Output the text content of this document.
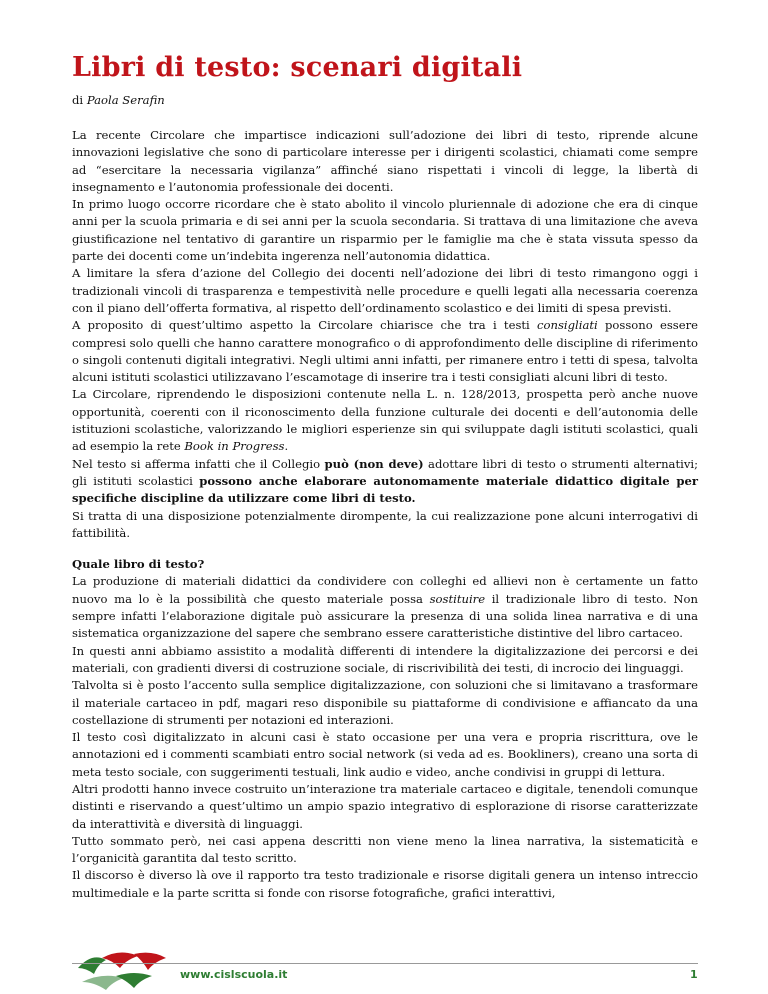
Libri di testo: scenari digitali
di Paola Serafin

La recente Circolare che impartisce indicazioni sull’adozione dei libri di testo, riprende alcune innovazioni legislative che sono di particolare interesse per i dirigenti scolastici, chiamati come sempre ad “esercitare la necessaria vigilanza” affinché siano rispettati i vincoli di legge, la libertà di insegnamento e l’autonomia professionale dei docenti.

In primo luogo occorre ricordare che è stato abolito il vincolo pluriennale di adozione che era di cinque anni per la scuola primaria e di sei anni per la scuola secondaria. Si trattava di una limitazione che aveva giustificazione nel tentativo di garantire un risparmio per le famiglie ma che è stata vissuta spesso da parte dei docenti come un’indebita ingerenza nell’autonomia didattica.

A limitare la sfera d’azione del Collegio dei docenti nell’adozione dei libri di testo rimangono oggi i tradizionali vincoli di trasparenza e tempestività nelle procedure e quelli legati alla necessaria coerenza con il piano dell’offerta formativa, al rispetto dell’ordinamento scolastico e dei limiti di spesa previsti.

A proposito di quest’ultimo aspetto la Circolare chiarisce che tra i testi consigliati possono essere compresi solo quelli che hanno carattere monografico o di approfondimento delle discipline di riferimento o singoli contenuti digitali integrativi. Negli ultimi anni infatti, per rimanere entro i tetti di spesa, talvolta alcuni istituti scolastici utilizzavano l’escamotage di inserire tra i testi consigliati alcuni libri di testo.

La Circolare, riprendendo le disposizioni contenute nella L. n. 128/2013, prospetta però anche nuove opportunità, coerenti con il riconoscimento della funzione culturale dei docenti e dell’autonomia delle istituzioni scolastiche, valorizzando le migliori esperienze sin qui sviluppate dagli istituti scolastici, quali ad esempio la rete Book in Progress.

Nel testo si afferma infatti che il Collegio può (non deve) adottare libri di testo o strumenti alternativi; gli istituti scolastici possono anche elaborare autonomamente materiale didattico digitale per specifiche discipline da utilizzare come libri di testo.

Si tratta di una disposizione potenzialmente dirompente, la cui realizzazione pone alcuni interrogativi di fattibilità.

Quale libro di testo?

La produzione di materiali didattici da condividere con colleghi ed allievi non è certamente un fatto nuovo ma lo è la possibilità che questo materiale possa sostituire il tradizionale libro di testo. Non sempre infatti l’elaborazione digitale può assicurare la presenza di una solida linea narrativa e di una sistematica organizzazione del sapere che sembrano essere caratteristiche distintive del libro cartaceo.

In questi anni abbiamo assistito a modalità differenti di intendere la digitalizzazione dei percorsi e dei materiali, con gradienti diversi di costruzione sociale, di riscrivibilità dei testi, di incrocio dei linguaggi.

Talvolta si è posto l’accento sulla semplice digitalizzazione, con soluzioni che si limitavano a trasformare il materiale cartaceo in pdf, magari reso disponibile su piattaforme di condivisione e affiancato da una costellazione di strumenti per notazioni ed interazioni.

Il testo così digitalizzato in alcuni casi è stato occasione per una vera e propria riscrittura, ove le annotazioni ed i commenti scambiati entro social network (si veda ad es. Bookliners), creano una sorta di meta testo sociale, con suggerimenti testuali, link audio e video, anche condivisi in gruppi di lettura.

Altri prodotti hanno invece costruito un’interazione tra materiale cartaceo e digitale, tenendoli comunque distinti e riservando a quest’ultimo un ampio spazio integrativo di esplorazione di risorse caratterizzate da interattività e diversità di linguaggi.

Tutto sommato però, nei casi appena descritti non viene meno la linea narrativa, la sistematicità e l’organicità garantita dal testo scritto.

Il discorso è diverso là ove il rapporto tra testo tradizionale e risorse digitali genera un intenso intreccio multimediale e la parte scritta si fonde con risorse fotografiche, grafici interattivi,

www.cislscuola.it	1
